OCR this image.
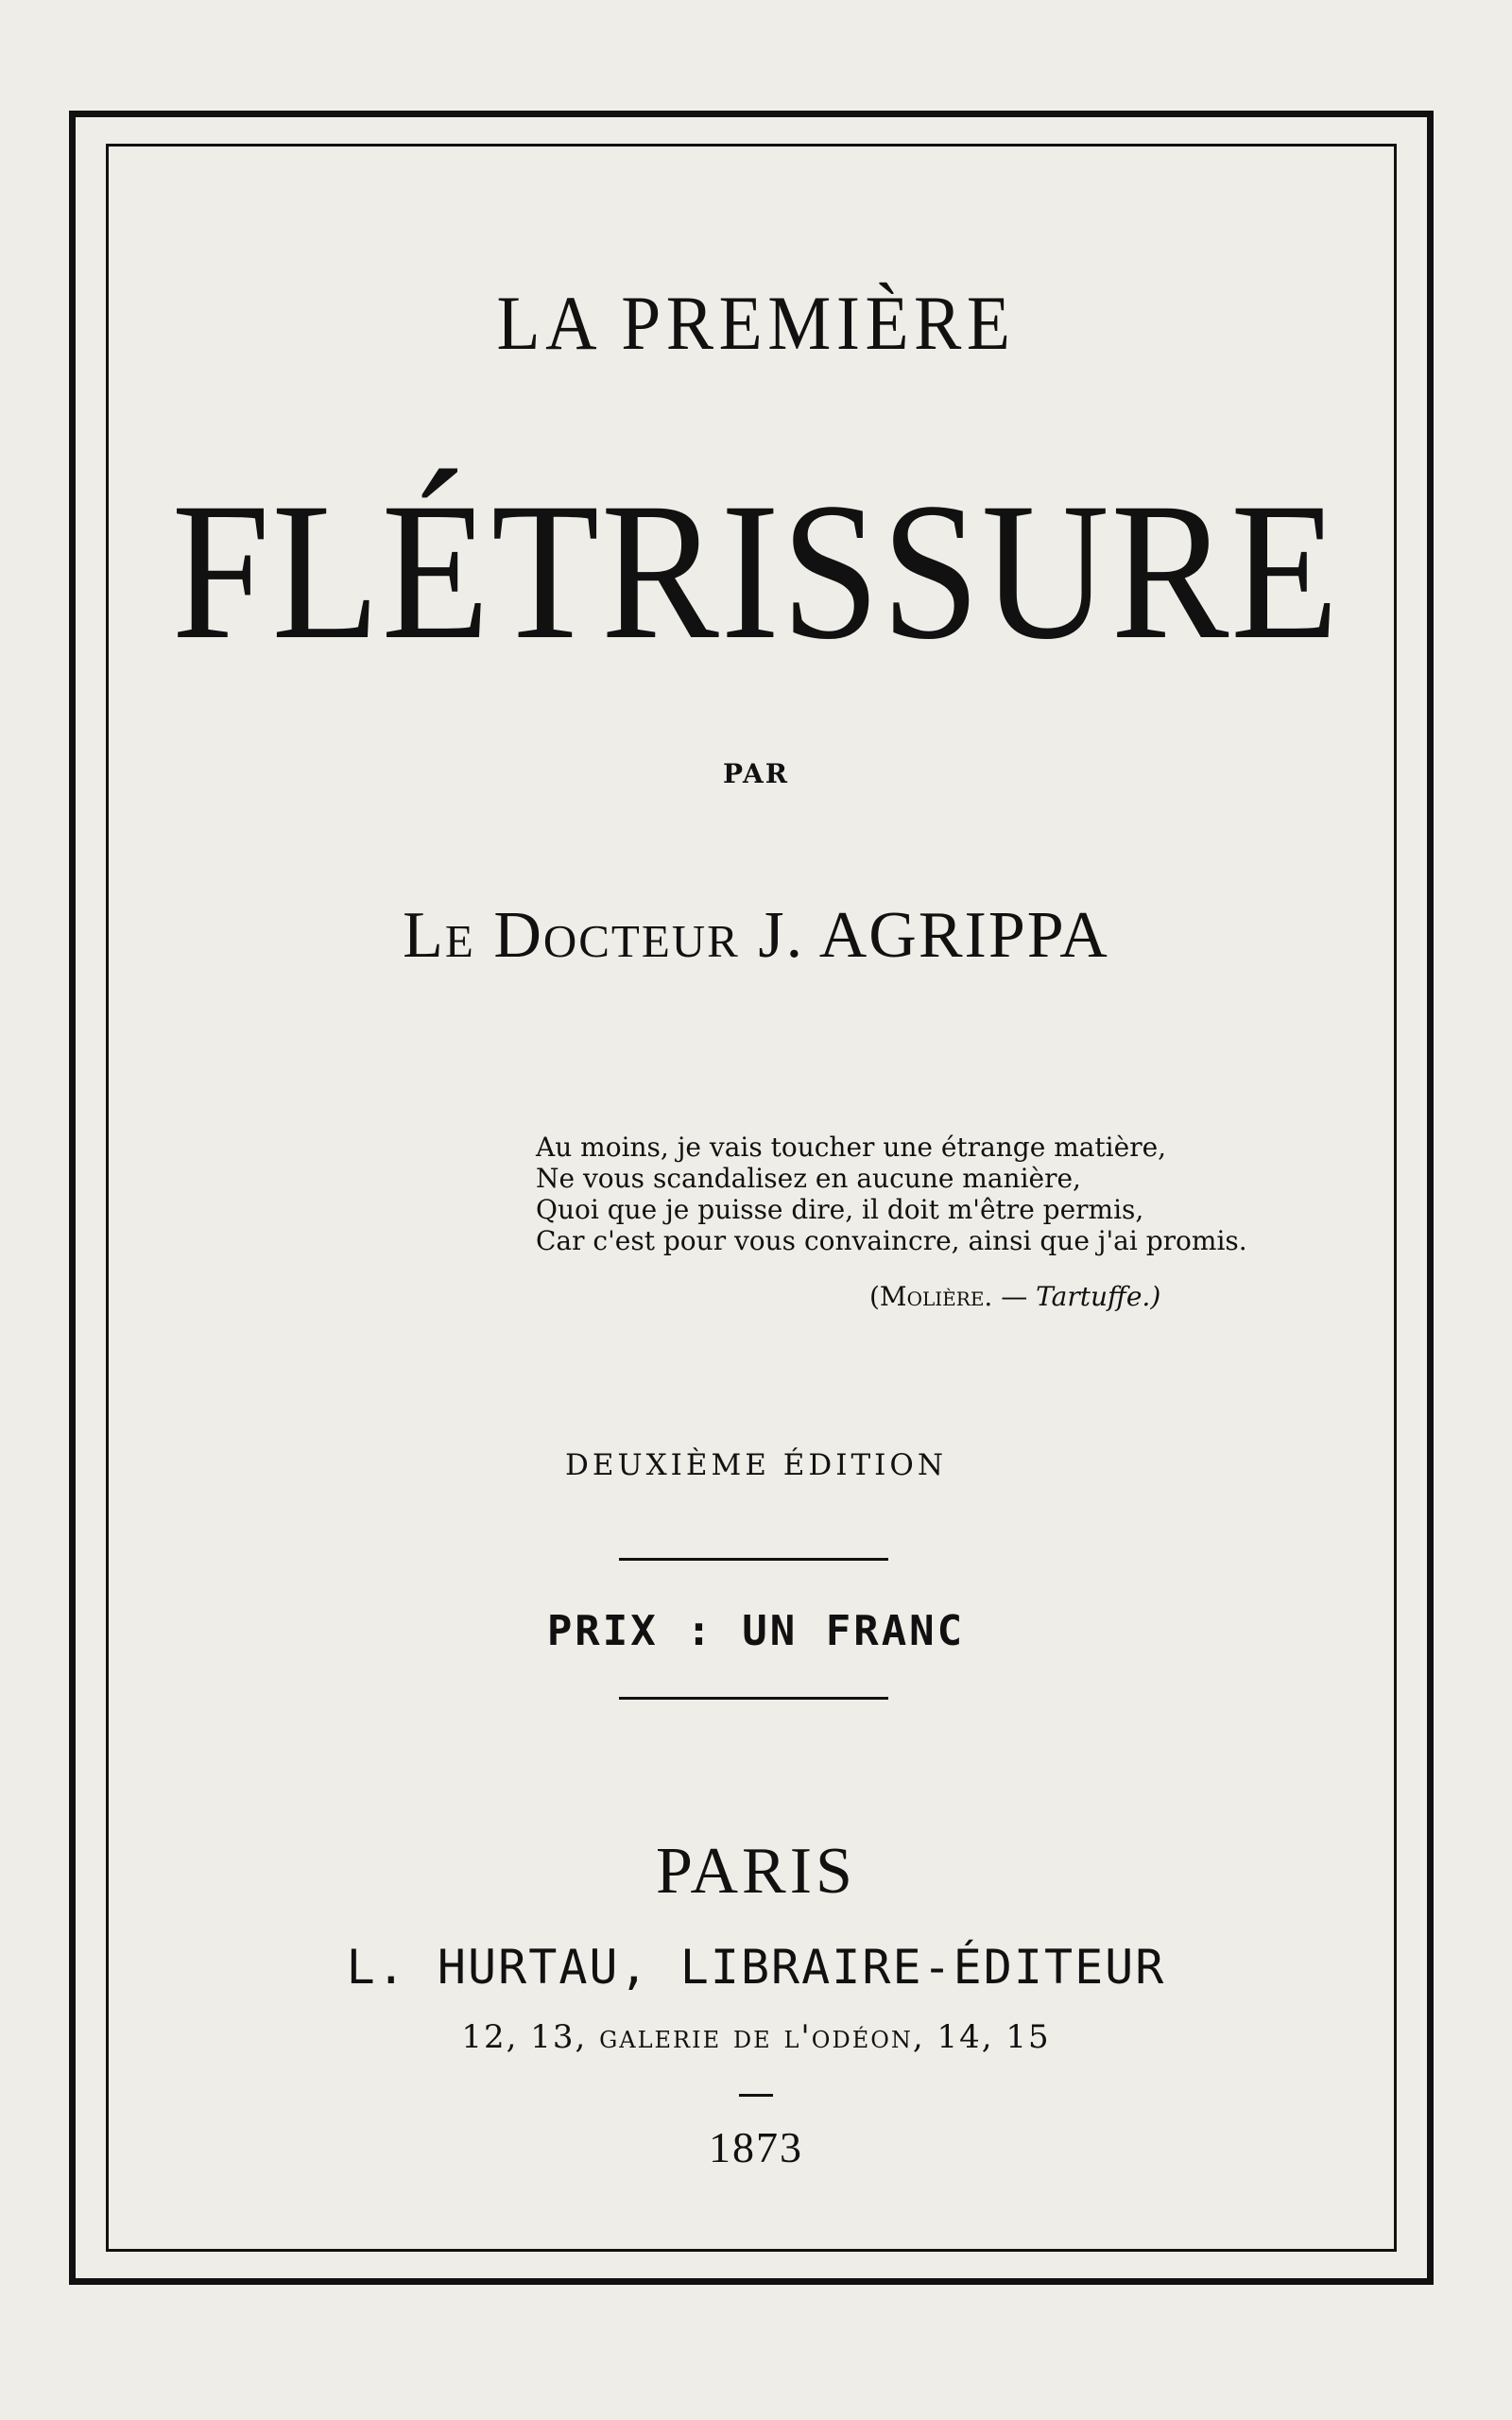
LA PREMIÈRE
FLÉTRISSURE
PAR
Le Docteur J. AGRIPPA
Au moins, je vais toucher une étrange matière,
Ne vous scandalisez en aucune manière,
Quoi que je puisse dire, il doit m'être permis,
Car c'est pour vous convaincre, ainsi que j'ai promis.
(Molière. — Tartuffe.)
DEUXIÈME ÉDITION
PRIX : UN FRANC
PARIS
L. HURTAU, LIBRAIRE-ÉDITEUR
12, 13, galerie de l'odéon, 14, 15
1873
